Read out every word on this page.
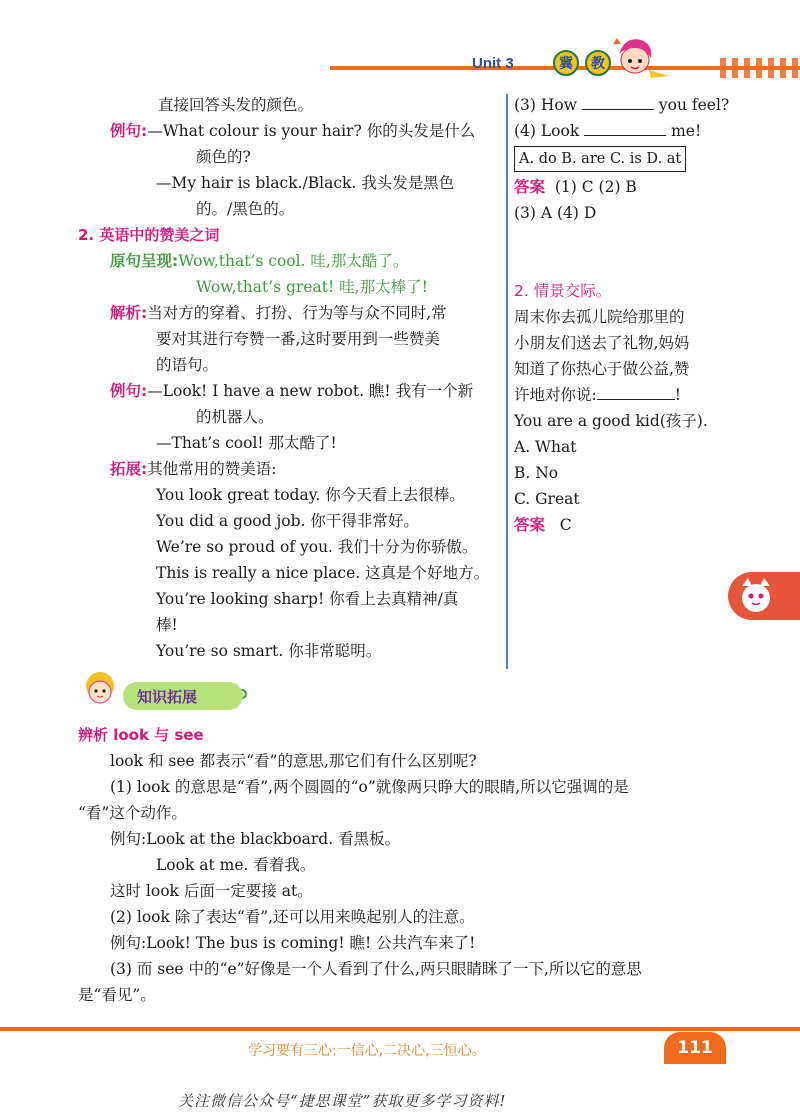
Unit 3	冀	教
直接回答头发的颜色。
例句:—What colour is your hair? 你的头发是什么
颜色的?
—My hair is black./Black. 我头发是黑色
的。/黑色的。
2. 英语中的赞美之词
原句呈现:Wow,that’s cool. 哇,那太酷了。
Wow,that’s great! 哇,那太棒了!
解析:当对方的穿着、打扮、行为等与众不同时,常
要对其进行夸赞一番,这时要用到一些赞美
的语句。
例句:—Look! I have a new robot. 瞧! 我有一个新
的机器人。
—That’s cool! 那太酷了!
拓展:其他常用的赞美语:
You look great today. 你今天看上去很棒。
You did a good job. 你干得非常好。
We’re so proud of you. 我们十分为你骄傲。
This is really a nice place. 这真是个好地方。
You’re looking sharp! 你看上去真精神/真
棒!
You’re so smart. 你非常聪明。
(3) How	you feel?
(4) Look	me!
A. do B. are C. is D. at
答案 (1) C (2) B
(3) A (4) D
2. 情景交际。
周末你去孤儿院给那里的
小朋友们送去了礼物,妈妈
知道了你热心于做公益,赞
许地对你说:	!
You are a good kid(孩子).
A. What
B. No
C. Great
答案 C
知识拓展
辨析 look 与 see
look 和 see 都表示“看”的意思,那它们有什么区别呢?
(1) look 的意思是“看”,两个圆圆的“o”就像两只睁大的眼睛,所以它强调的是
“看”这个动作。
例句:Look at the blackboard. 看黑板。
Look at me. 看着我。
这时 look 后面一定要接 at。
(2) look 除了表达“看”,还可以用来唤起别人的注意。
例句:Look! The bus is coming! 瞧! 公共汽车来了!
(3) 而 see 中的“e”好像是一个人看到了什么,两只眼睛眯了一下,所以它的意思
是“看见”。
学习要有三心:一信心,二决心,三恒心。	111
关注微信公众号“捷思课堂”获取更多学习资料!
